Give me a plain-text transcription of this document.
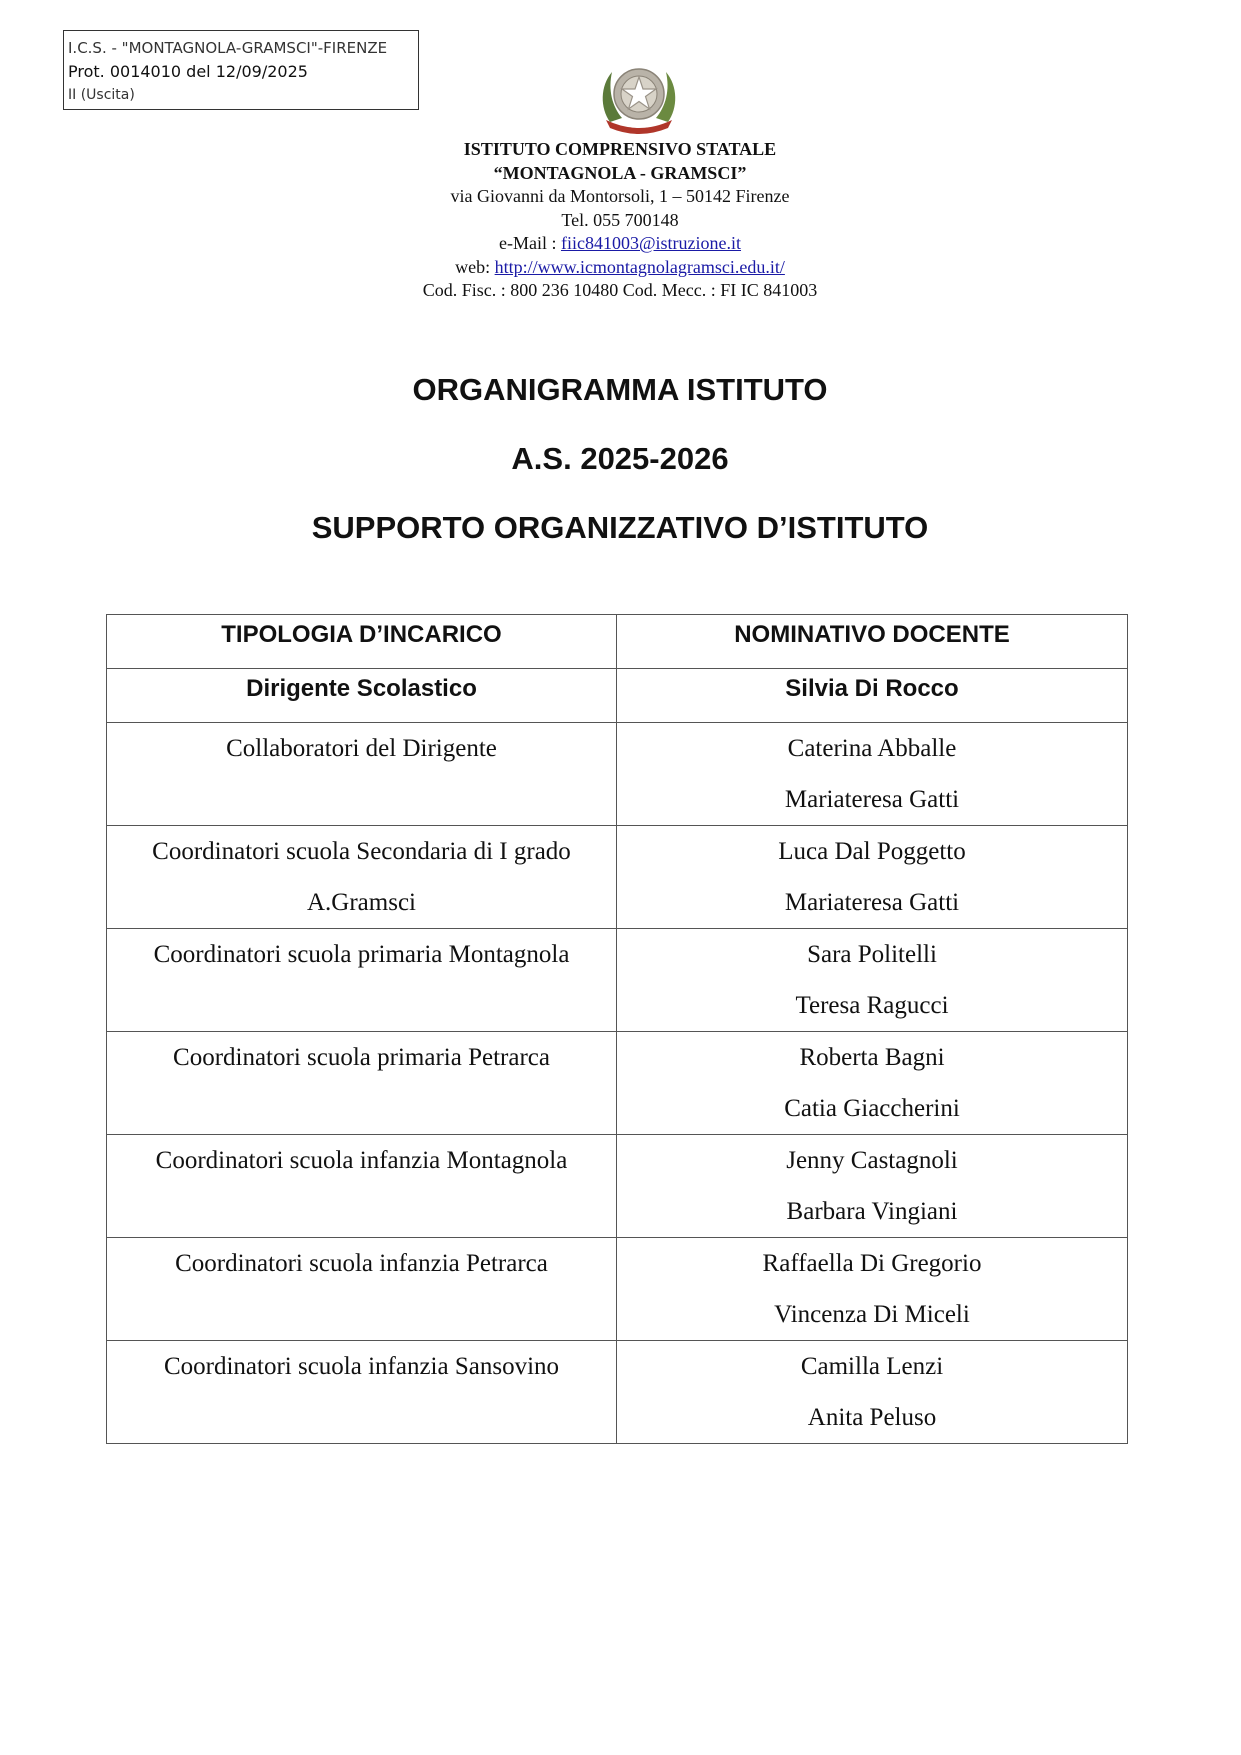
I.C.S. - "MONTAGNOLA-GRAMSCI"-FIRENZE
Prot. 0014010 del 12/09/2025
II (Uscita)
ISTITUTO COMPRENSIVO STATALE
“MONTAGNOLA - GRAMSCI”
via Giovanni da Montorsoli, 1 – 50142 Firenze
Tel. 055 700148
e-Mail : fiic841003@istruzione.it
web: http://www.icmontagnolagramsci.edu.it/
Cod. Fisc. : 800 236 10480 Cod. Mecc. : FI IC 841003
ORGANIGRAMMA ISTITUTO
A.S. 2025-2026
SUPPORTO ORGANIZZATIVO D’ISTITUTO
TIPOLOGIA D’INCARICO	NOMINATIVO DOCENTE
Dirigente Scolastico	Silvia Di Rocco
Collaboratori del Dirigente	Caterina Abballe
Mariateresa Gatti

Coordinatori scuola Secondaria di I grado A.Gramsci	Luca Dal Poggetto
Mariateresa Gatti

Coordinatori scuola primaria Montagnola	Sara Politelli
Teresa Ragucci

Coordinatori scuola primaria Petrarca	Roberta Bagni
Catia Giaccherini

Coordinatori scuola infanzia Montagnola	Jenny Castagnoli
Barbara Vingiani

Coordinatori scuola infanzia Petrarca	Raffaella Di Gregorio
Vincenza Di Miceli

Coordinatori scuola infanzia Sansovino	Camilla Lenzi
Anita Peluso
